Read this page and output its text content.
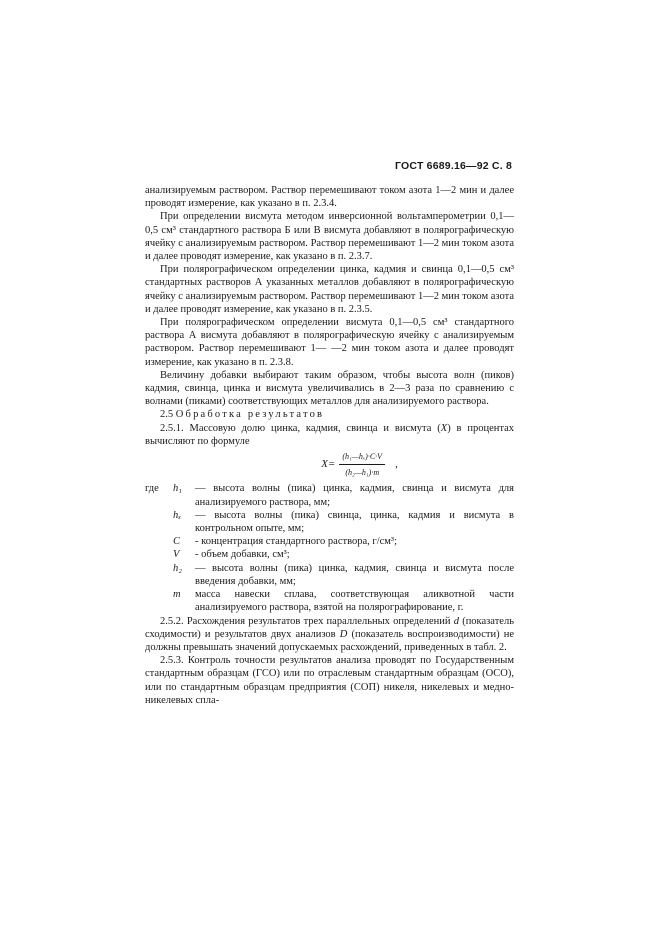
ГОСТ 6689.16—92 С. 8

анализируемым раствором. Раствор перемешивают током азота 1—2 мин и далее проводят измерение, как указано в п. 2.3.4.

При определении висмута методом инверсионной вольтамперометрии 0,1—0,5 см³ стандартного раствора Б или В висмута добавляют в полярографическую ячейку с анализируемым раствором. Раствор перемешивают 1—2 мин током азота и далее проводят измерение, как указано в п. 2.3.7.

При полярографическом определении цинка, кадмия и свинца 0,1—0,5 см³ стандартных растворов А указанных металлов добавляют в полярографическую ячейку с анализируемым раствором. Раствор перемешивают 1—2 мин током азота и далее проводят измерение, как указано в п. 2.3.5.

При полярографическом определении висмута 0,1—0,5 см³ стандартного раствора А висмута добавляют в полярографическую ячейку с анализируемым раствором. Раствор перемешивают 1— —2 мин током азота и далее проводят измерение, как указано в п. 2.3.8.

Величину добавки выбирают таким образом, чтобы высота волн (пиков) кадмия, свинца, цинка и висмута увеличивались в 2—3 раза по сравнению с волнами (пиками) соответствующих металлов для анализируемого раствора.

2.5 Обработка результатов

2.5.1. Массовую долю цинка, кадмия, свинца и висмута (X) в процентах вычисляют по формуле

$X= \frac{\text{(h₁—hₓ)·C·V}}{\text{(h₂—h₁)·m}}$ ,
где	h₁	— высота волны (пика) цинка, кадмия, свинца и висмута для анализируемого раствора, мм;
hₓ	— высота волны (пика) свинца, цинка, кадмия и висмута в контрольном опыте, мм;
C	- концентрация стандартного раствора, г/см³;
V	- объем добавки, см³;
h₂	— высота волны (пика) цинка, кадмия, свинца и висмута после введения добавки, мм;
m	масса навески сплава, соответствующая аликвотной части анализируемого раствора, взятой на полярографирование, г.

2.5.2. Расхождения результатов трех параллельных определений d (показатель сходимости) и результатов двух анализов D (показатель воспроизводимости) не должны превышать значений допускаемых расхождений, приведенных в табл. 2.

2.5.3. Контроль точности результатов анализа проводят по Государственным стандартным образцам (ГСО) или по отраслевым стандартным образцам (ОСО), или по стандартным образцам предприятия (СОП) никеля, никелевых и медно-никелевых спла-
